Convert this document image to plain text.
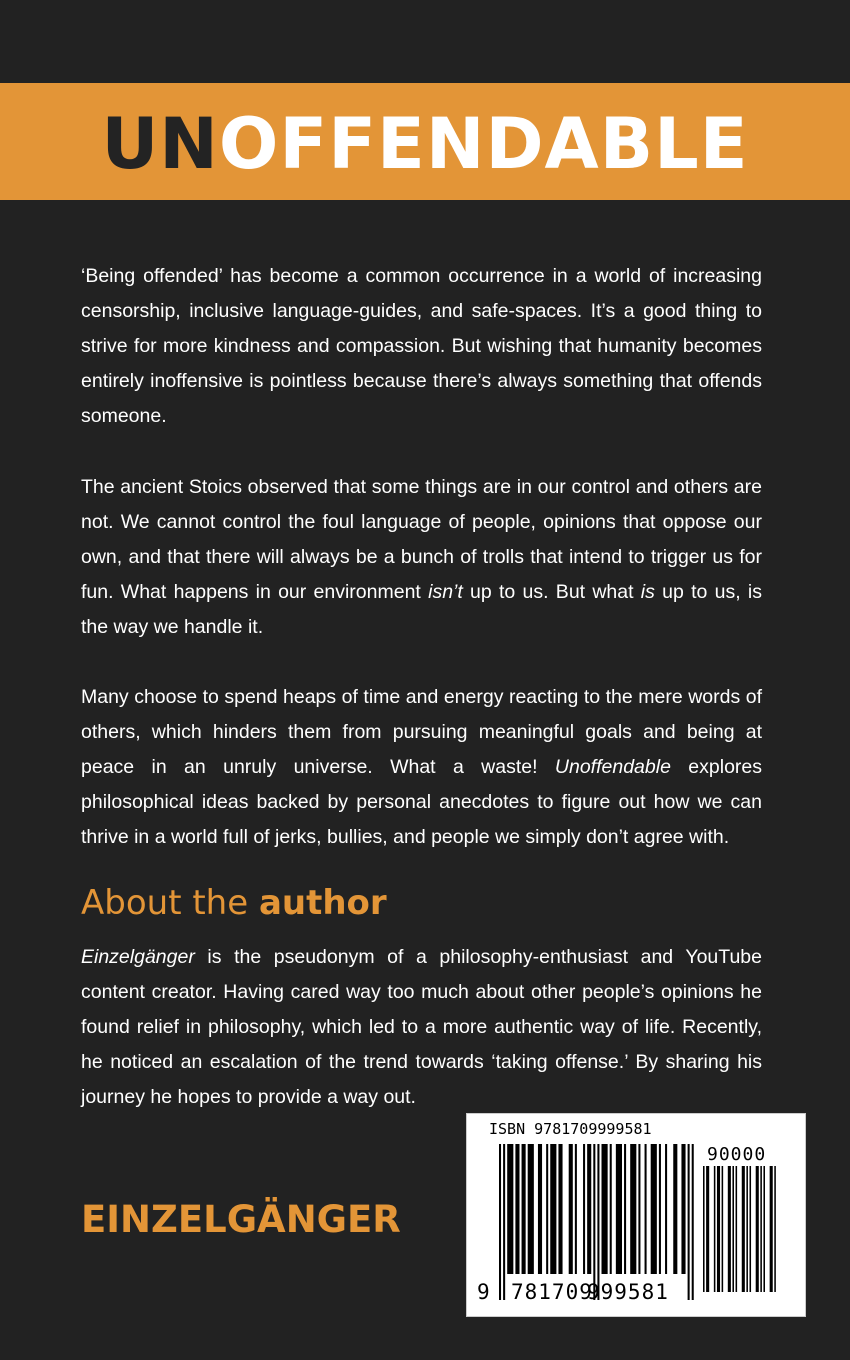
UNOFFENDABLE

‘Being offended’ has become a common occurrence in a world of increasing censorship, inclusive language-guides, and safe-spaces. It’s a good thing to strive for more kindness and compassion. But wishing that humanity becomes entirely inoffensive is pointless because there’s always something that offends someone.

The ancient Stoics observed that some things are in our control and others are not. We cannot control the foul language of people, opinions that oppose our own, and that there will always be a bunch of trolls that intend to trigger us for fun. What happens in our environment isn’t up to us. But what is up to us, is the way we handle it.

Many choose to spend heaps of time and energy reacting to the mere words of others, which hinders them from pursuing meaningful goals and being at peace in an unruly universe. What a waste! Unoffendable explores philosophical ideas backed by personal anecdotes to figure out how we can thrive in a world full of jerks, bullies, and people we simply don’t agree with.

About the author

Einzelgänger is the pseudonym of a philosophy-enthusiast and YouTube content creator. Having cared way too much about other people’s opinions he found relief in philosophy, which led to a more authentic way of life. Recently, he noticed an escalation of the trend towards ‘taking offense.’ By sharing his journey he hopes to provide a way out.

EINZELGÄNGER
ISBN 9781709999581
90000
9 781709
999581
